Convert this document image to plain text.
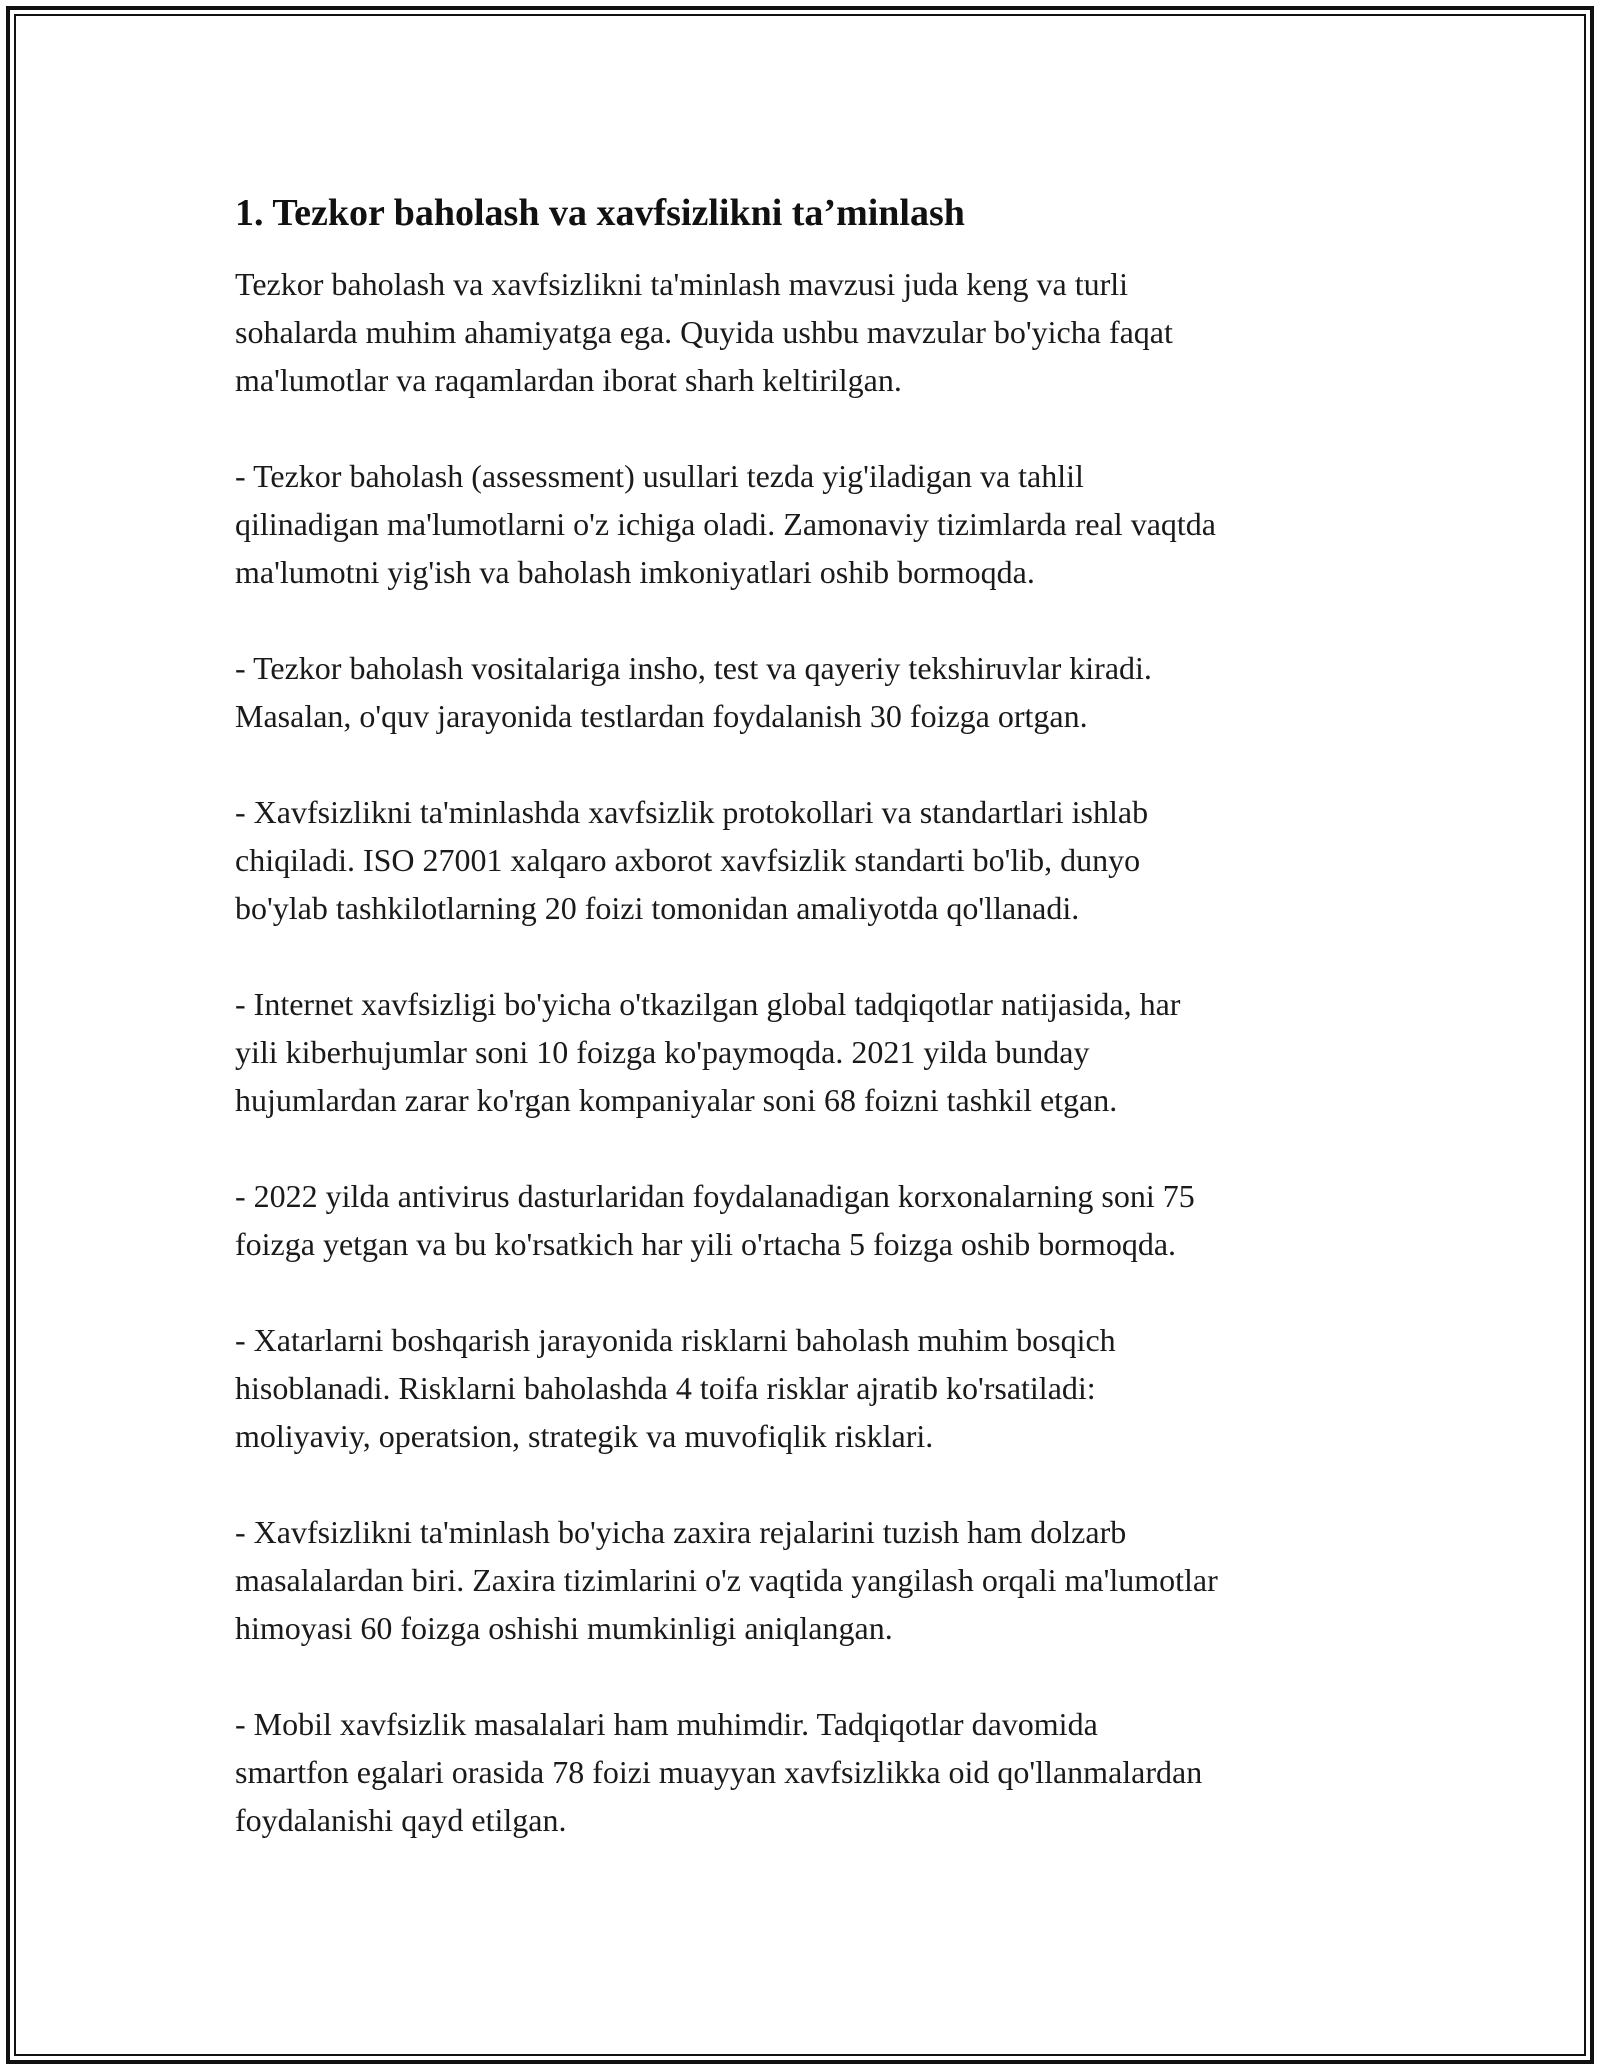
1. Tezkor baholash va xavfsizlikni ta’minlash

Tezkor baholash va xavfsizlikni ta'minlash mavzusi juda keng va turli
sohalarda muhim ahamiyatga ega. Quyida ushbu mavzular bo'yicha faqat
ma'lumotlar va raqamlardan iborat sharh keltirilgan.

- Tezkor baholash (assessment) usullari tezda yig'iladigan va tahlil
qilinadigan ma'lumotlarni o'z ichiga oladi. Zamonaviy tizimlarda real vaqtda
ma'lumotni yig'ish va baholash imkoniyatlari oshib bormoqda.

- Tezkor baholash vositalariga insho, test va qayeriy tekshiruvlar kiradi.
Masalan, o'quv jarayonida testlardan foydalanish 30 foizga ortgan.

- Xavfsizlikni ta'minlashda xavfsizlik protokollari va standartlari ishlab
chiqiladi. ISO 27001 xalqaro axborot xavfsizlik standarti bo'lib, dunyo
bo'ylab tashkilotlarning 20 foizi tomonidan amaliyotda qo'llanadi.

- Internet xavfsizligi bo'yicha o'tkazilgan global tadqiqotlar natijasida, har
yili kiberhujumlar soni 10 foizga ko'paymoqda. 2021 yilda bunday
hujumlardan zarar ko'rgan kompaniyalar soni 68 foizni tashkil etgan.

- 2022 yilda antivirus dasturlaridan foydalanadigan korxonalarning soni 75
foizga yetgan va bu ko'rsatkich har yili o'rtacha 5 foizga oshib bormoqda.

- Xatarlarni boshqarish jarayonida risklarni baholash muhim bosqich
hisoblanadi. Risklarni baholashda 4 toifa risklar ajratib ko'rsatiladi:
moliyaviy, operatsion, strategik va muvofiqlik risklari.

- Xavfsizlikni ta'minlash bo'yicha zaxira rejalarini tuzish ham dolzarb
masalalardan biri. Zaxira tizimlarini o'z vaqtida yangilash orqali ma'lumotlar
himoyasi 60 foizga oshishi mumkinligi aniqlangan.

- Mobil xavfsizlik masalalari ham muhimdir. Tadqiqotlar davomida
smartfon egalari orasida 78 foizi muayyan xavfsizlikka oid qo'llanmalardan
foydalanishi qayd etilgan.
